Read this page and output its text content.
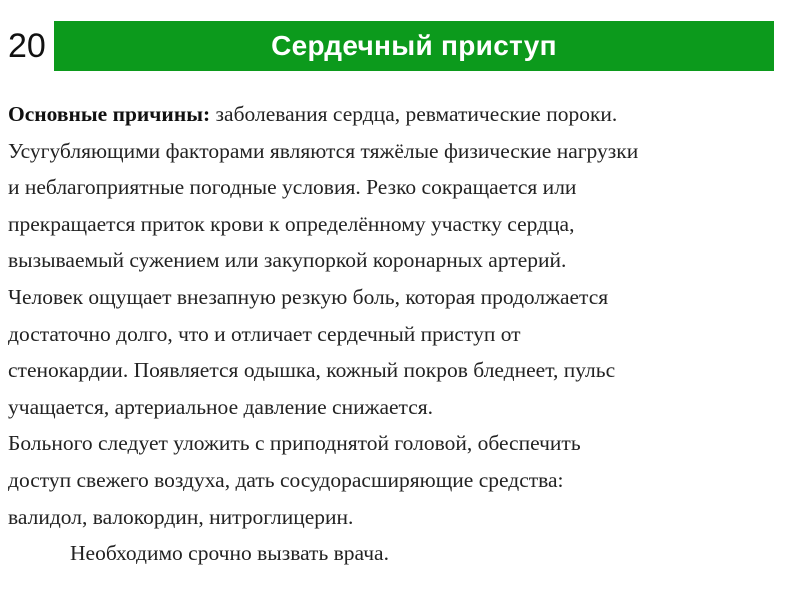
20	Сердечный приступ
Основные причины: заболевания сердца, ревматические пороки.
Усугубляющими факторами являются тяжёлые физические нагрузки
и неблагоприятные погодные условия. Резко сокращается или
прекращается приток крови к определённому участку сердца,
вызываемый сужением или закупоркой коронарных артерий.
Человек ощущает внезапную резкую боль, которая продолжается
достаточно долго, что и отличает сердечный приступ от
стенокардии. Появляется одышка, кожный покров бледнеет, пульс
учащается, артериальное давление снижается.
Больного следует уложить с приподнятой головой, обеспечить
доступ свежего воздуха, дать сосудорасширяющие средства:
валидол, валокордин, нитроглицерин.
Необходимо срочно вызвать врача.
